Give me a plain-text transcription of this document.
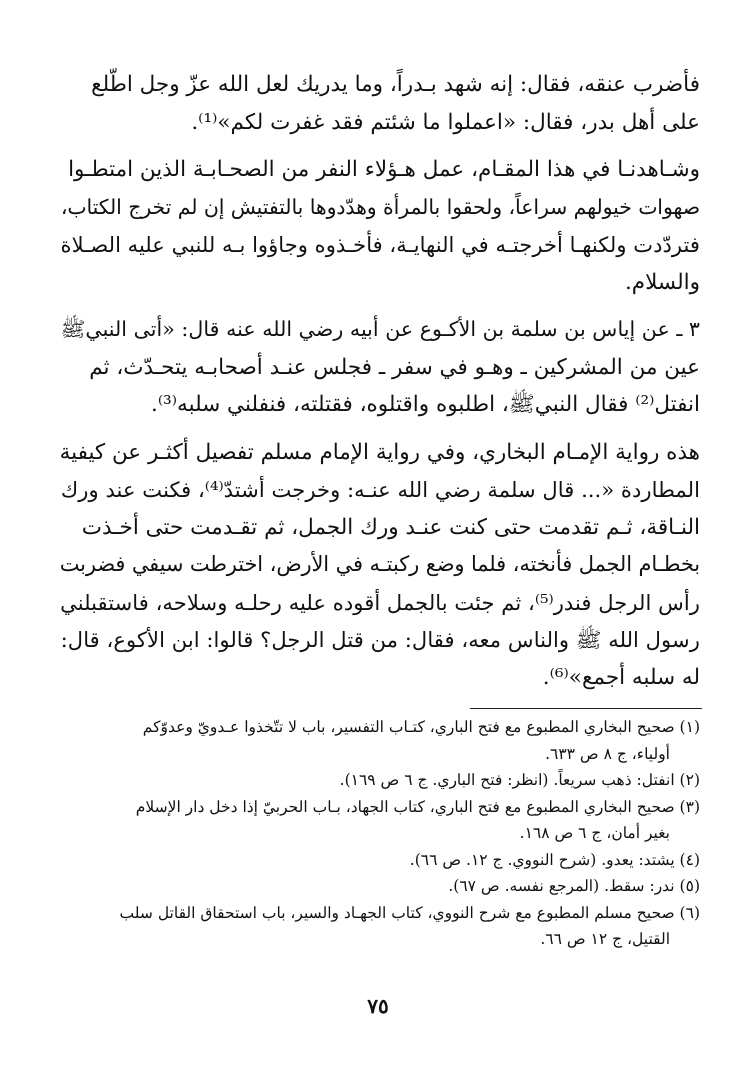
فأضرب عنقه، فقال: إنه شهد بـدراً، وما يدريك لعل الله عزّ وجل اطّلع
على أهل بدر، فقال: «اعملوا ما شئتم فقد غفرت لكم»⁽¹⁾.
وشـاهدنـا في هذا المقـام، عمل هـؤلاء النفر من الصحـابـة الذين امتطـوا
صهوات خيولهم سراعاً، ولحقوا بالمرأة وهدّدوها بالتفتيش إن لم تخرج الكتاب،
فتردّدت ولكنهـا أخرجتـه في النهايـة، فأخـذوه وجاؤوا بـه للنبي عليه الصـلاة
والسلام.
٣ ـ عن إياس بن سلمة بن الأكـوع عن أبيه رضي الله عنه قال: «أتى النبيﷺ
عين من المشركين ـ وهـو في سفر ـ فجلس عنـد أصحابـه يتحـدّث، ثم
انفتل⁽²⁾ فقال النبيﷺ، اطلبوه واقتلوه، فقتلته، فنفلني سلبه⁽³⁾.
هذه رواية الإمـام البخاري، وفي رواية الإمام مسلم تفصيل أكثـر عن كيفية
المطاردة «... قال سلمة رضي الله عنـه: وخرجت أشتدّ⁽⁴⁾، فكنت عند ورك
النـاقة، ثـم تقدمت حتى كنت عنـد ورك الجمل، ثم تقـدمت حتى أخـذت
بخطـام الجمل فأنخته، فلما وضع ركبتـه في الأرض، اخترطت سيفي فضربت
رأس الرجل فندر⁽⁵⁾، ثم جئت بالجمل أقوده عليه رحلـه وسلاحه، فاستقبلني
رسول الله ﷺ والناس معه، فقال: من قتل الرجل؟ قالوا: ابن الأكوع، قال:
له سلبه أجمع»⁽⁶⁾.
(١) صحيح البخاري المطبوع مع فتح الباري، كتـاب التفسير، باب لا تتّخذوا عـدويّ وعدوّكم
أولياء، ج ٨ ص ٦٣٣.
(٢) انفتل: ذهب سريعاً. (انظر: فتح الباري. ج ٦ ص ١٦٩).
(٣) صحيح البخاري المطبوع مع فتح الباري، كتاب الجهاد، بـاب الحربيّ إذا دخل دار الإسلام
بغير أمان، ج ٦ ص ١٦٨.
(٤) يشتد: يعدو. (شرح النووي. ج ١٢. ص ٦٦).
(٥) ندر: سقط. (المرجع نفسه. ص ٦٧).
(٦) صحيح مسلم المطبوع مع شرح النووي، كتاب الجهـاد والسير، باب استحقاق القاتل سلب
القتيل، ج ١٢ ص ٦٦.
٧٥
